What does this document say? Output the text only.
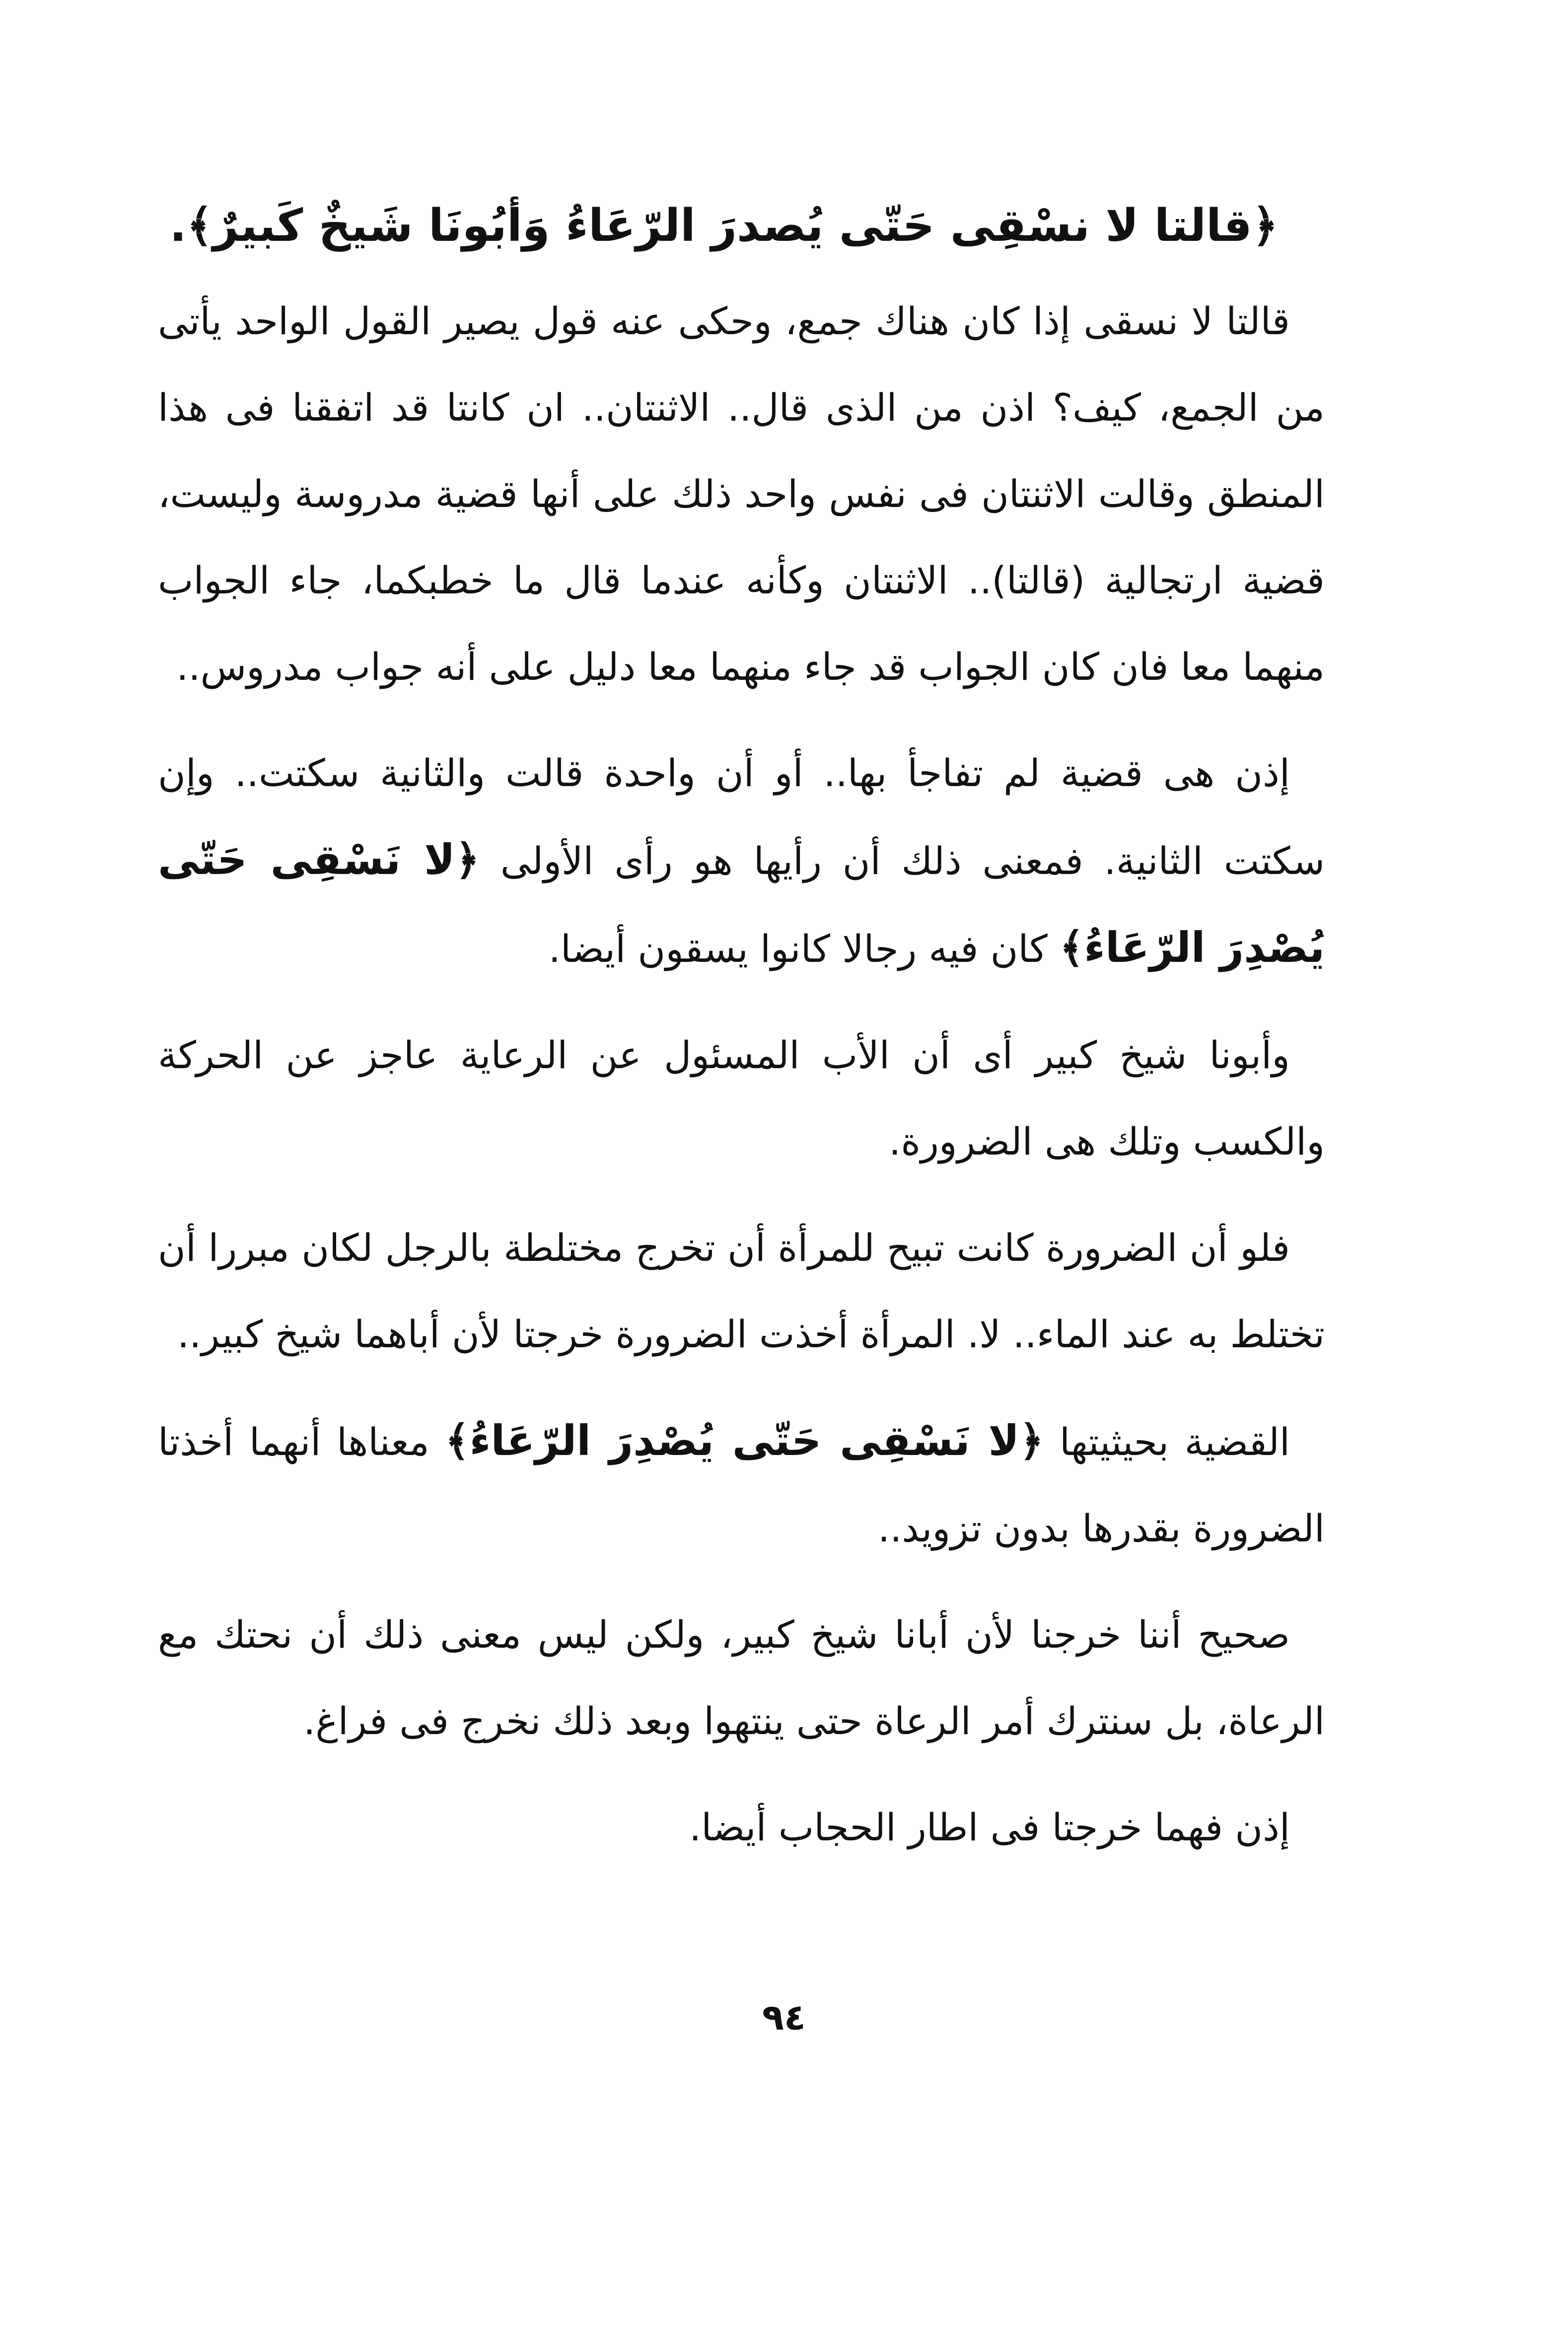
﴿قالتا لا نسْقِى حَتّى يُصدرَ الرّعَاءُ وَأبُونَا شَيخٌ كَبيرٌ﴾.

قالتا لا نسقى إذا كان هناك جمع، وحكى عنه قول يصير القول الواحد يأتى من الجمع، كيف؟ اذن من الذى قال.. الاثنتان.. ان كانتا قد اتفقنا فى هذا المنطق وقالت الاثنتان فى نفس واحد ذلك على أنها قضية مدروسة وليست، قضية ارتجالية (قالتا).. الاثنتان وكأنه عندما قال ما خطبكما، جاء الجواب منهما معا فان كان الجواب قد جاء منهما معا دليل على أنه جواب مدروس..

إذن هى قضية لم تفاجأ بها.. أو أن واحدة قالت والثانية سكتت.. وإن سكتت الثانية. فمعنى ذلك أن رأيها هو رأى الأولى ﴿لا نَسْقِى حَتّى يُصْدِرَ الرّعَاءُ﴾ كان فيه رجالا كانوا يسقون أيضا.

وأبونا شيخ كبير أى أن الأب المسئول عن الرعاية عاجز عن الحركة والكسب وتلك هى الضرورة.

فلو أن الضرورة كانت تبيح للمرأة أن تخرج مختلطة بالرجل لكان مبررا أن تختلط به عند الماء.. لا. المرأة أخذت الضرورة خرجتا لأن أباهما شيخ كبير..

القضية بحيثيتها ﴿لا نَسْقِى حَتّى يُصْدِرَ الرّعَاءُ﴾ معناها أنهما أخذتا الضرورة بقدرها بدون تزويد..

صحيح أننا خرجنا لأن أبانا شيخ كبير، ولكن ليس معنى ذلك أن نحتك مع الرعاة، بل سنترك أمر الرعاة حتى ينتهوا وبعد ذلك نخرج فى فراغ.

إذن فهما خرجتا فى اطار الحجاب أيضا.

٩٤
